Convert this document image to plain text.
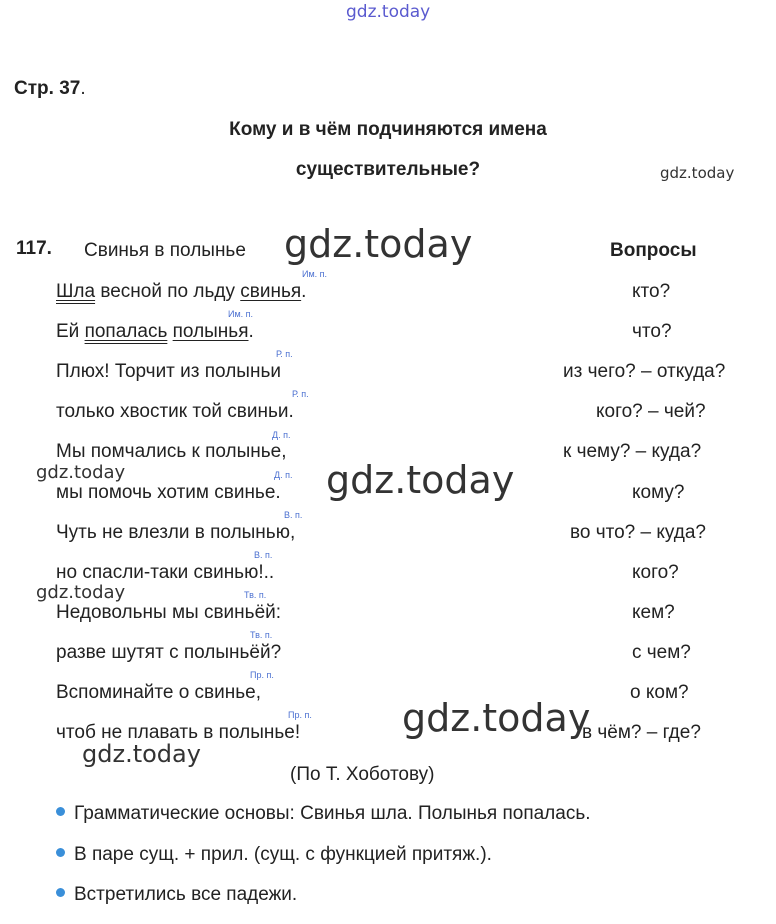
gdz.today
gdz.today
gdz.today
gdz.today	gdz.today
gdz.today
gdz.today
gdz.today
Стр. 37.
Кому и в чём подчиняются имена
существительные?
117. Свинья в полынье	Вопросы
Им. п.
Шла весной по льду свинья.	кто?
Им. п.
Ей попалась полынья.	что?
Р. п.
Плюх! Торчит из полыньи	из чего? – откуда?
Р. п.
только хвостик той свиньи.	кого? – чей?
Д. п.
Мы помчались к полынье,	к чему? – куда?
Д. п.
мы помочь хотим свинье.	кому?
В. п.
Чуть не влезли в полынью,	во что? – куда?
В. п.
но спасли-таки свинью!..	кого?
Тв. п.
Недовольны мы свиньёй:	кем?
Тв. п.
разве шутят с полыньёй?	с чем?
Пр. п.
Вспоминайте о свинье,	о ком?
Пр. п.
чтоб не плавать в полынье!	в чём? – где?
(По Т. Хоботову)
Грамматические основы: Свинья шла. Полынья попалась.
В паре сущ. + прил. (сущ. с функцией притяж.).
Встретились все падежи.
